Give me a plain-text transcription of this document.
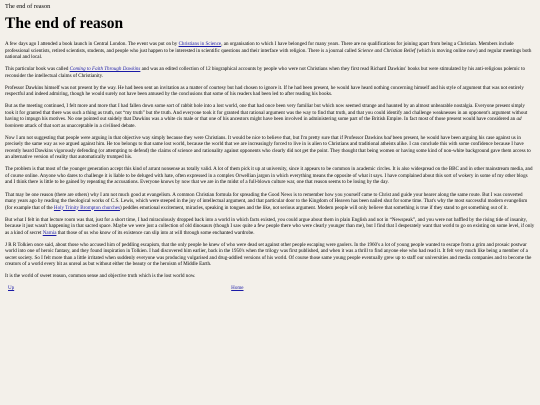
The end of reason
The end of reason

A few days ago I attended a book launch in Central London. The event was put on by Christians in Science, an organisation to which I have belonged for many years. There are no qualifications for joining apart from being a Christian. Members include professional scientists, retired scientists, students, and people who just happen to be interested in scientific questions and their interface with religion. There is a journal called Science and Christian Belief (which is moving online now) and regular meetings both national and local.

This particular book was called Coming to Faith Through Dawkins and was an edited collection of 12 biographical accounts by people who were not Christians when they first read Richard Dawkins' books but were stimulated by his anti-religious polemic to reconsider the intellectual claims of Christianity.

Professor Dawkins himself was not present by the way. He had been sent an invitation as a matter of courtesy but had chosen to ignore it. If he had been present, he would have heard nothing concerning himself and his style of argument that was not entirely respectful and indeed admiring, though he would surely not have been amused by the conclusions that some of his readers had been led to after reading his books.

But as the meeting continued, I felt more and more that I had fallen down some sort of rabbit hole into a lost world, one that had once been very familiar but which now seemed strange and haunted by an almost unbearable nostalgia. Everyone present simply took it for granted that there was such a thing as truth, not “my truth” but the truth. And everyone took it for granted that rational argument was the way to find that truth, and that you could identify and challenge weaknesses in an opponent's argument without having to impugn his motives. No one pointed out snidely that Dawkins was a white cis male or that one of his ancestors might have been involved in administering some part of the British Empire. In fact most of those present would have considered an ad hominem attack of that sort as unacceptable in a civilised debate.

Now I am not suggesting that people were arguing in that objective way simply because they were Christians. It would be nice to believe that, but I'm pretty sure that if Professor Dawkins had been present, he would have been arguing his case against us in precisely the same way as we argued against him. He too belongs to that same lost world, because the world that we are increasingly forced to live in is alien to Christians and traditional atheists alike. I can conclude this with some confidence because I have recently heard Dawkins vigorously defending (or attempting to defend) the claims of science and rationality against opponents who clearly did not get the point. They thought that being women or having some kind of non-white background gave them access to an alternative version of reality that automatically trumped his.

The problem is that most of the younger generation accept this kind of arrant nonsense as totally valid. A lot of them pick it up at university, since it appears to be common in academic circles. It is also widespread on the BBC and in other mainstream media, and of course online. Anyone who dares to challenge it is liable to be deluged with hate, often expressed in a complex Orwellian jargon in which everything means the opposite of what it says. I have complained about this sort of wokery in some of my other blogs and I think there is little to be gained by repeating the accusations. Everyone knows by now that we are in the midst of a full-blown culture war, one that reason seems to be losing by the day.

That may be one reason (there are others) why I am not much good at evangelism. A common Christian formula for spreading the Good News is to remember how you yourself came to Christ and guide your hearer along the same route. But I was converted many years ago by reading the theological works of C.S. Lewis, which were steeped in the joy of intellectual argument, and that particular door to the Kingdom of Heaven has been nailed shut for some time. That's why the most successful modern evangelism (for example that of the Holy Trinity Brompton churches) peddles emotional excitement, miracles, speaking in tongues and the like, not serious argument. Modern people will only believe that something is true if they stand to get something out of it.

But what I felt in that lecture room was that, just for a short time, I had miraculously dropped back into a world in which facts existed, you could argue about them in plain English and not in “Newspeak”, and you were not baffled by the rising tide of insanity, because it just wasn't happening in that sacred space. Maybe we were just a collection of old dinosaurs (though I saw quite a few people there who were clearly younger than me), but I find that I desperately want that world to go on existing on some level, if only as a kind of secret Narnia that those of us who know of its existence can slip into at will through some enchanted wardrobe.

J R R Tolkien once said, about those who accused him of peddling escapism, that the only people he knew of who were dead set against other people escaping were gaolers. In the 1960's a lot of young people wanted to escape from a grim and prosaic postwar world into one of heroic fantasy, and they found inspiration in Tolkien. I had discovered him earlier, back in the 1950's when the trilogy was first published, and when it was a thrill to find anyone else who had read it. It felt very much like being a member of a secret society. So I felt more than a little irritated when suddenly everyone was producing vulgarised and drug-addled versions of his world. Of course those same young people eventually grew up to staff our universities and media companies and to become the creators of a world every bit as unreal as but without either the beauty or the heroism of Middle Earth.

It is the world of sweet reason, common sense and objective truth which is the lost world now.

Up	Home
